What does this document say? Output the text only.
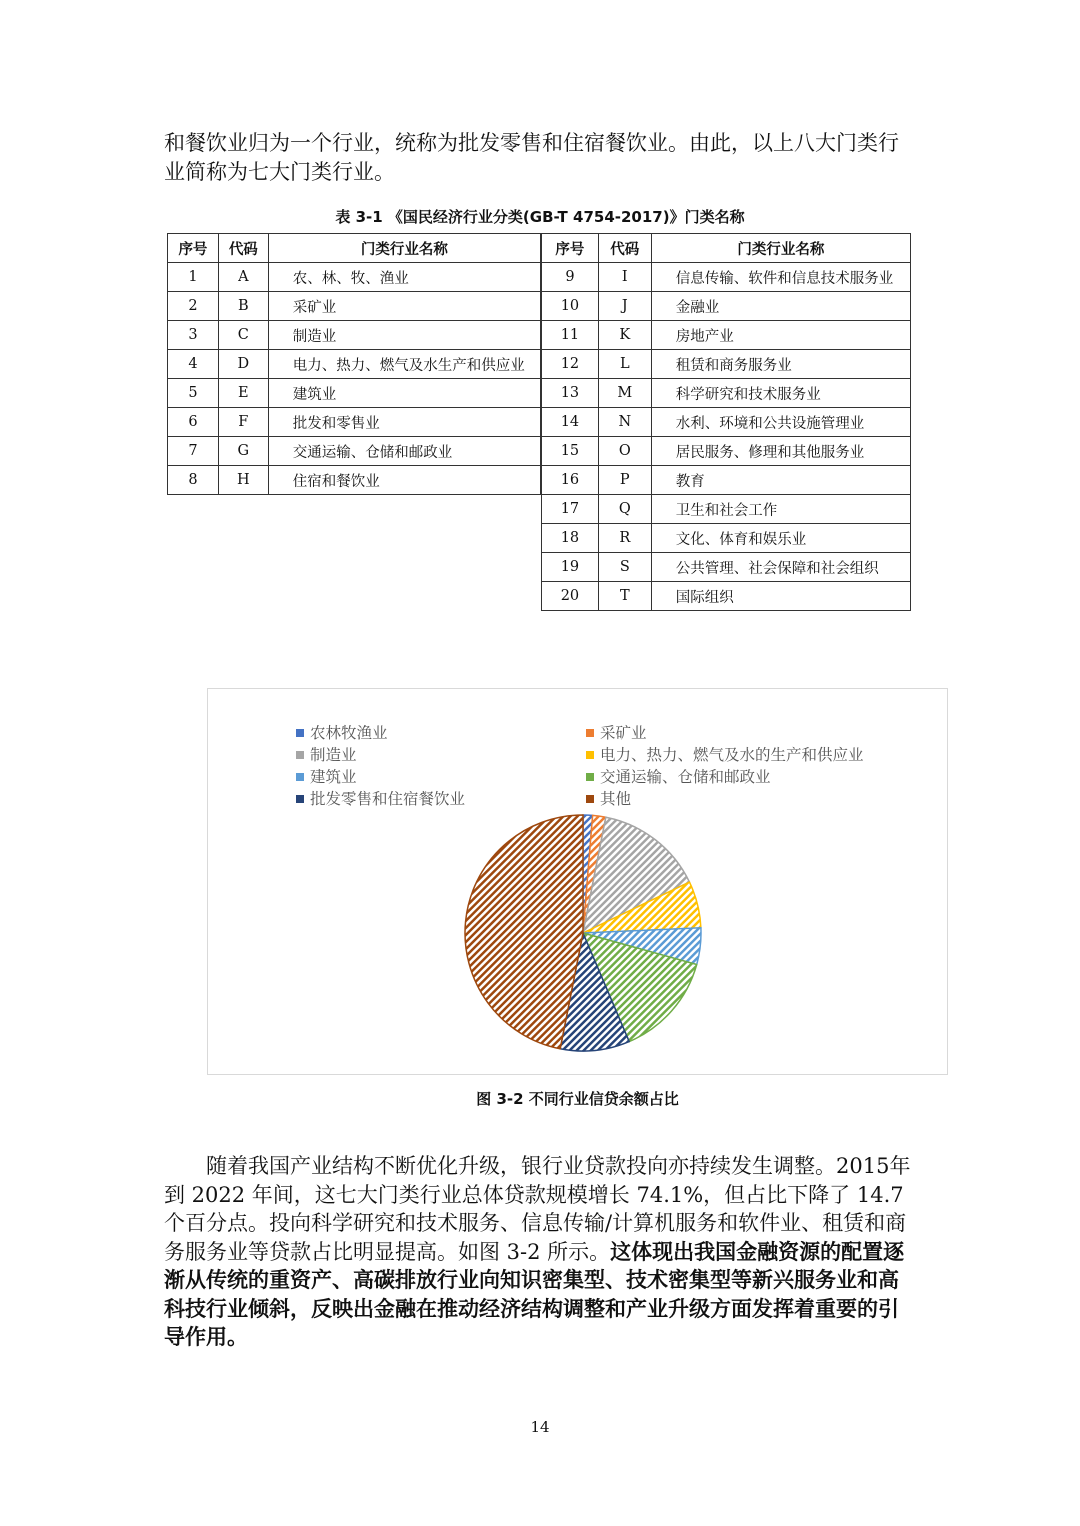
和餐饮业归为一个行业，统称为批发零售和住宿餐饮业。由此，以上八大门类行
业简称为七大门类行业。

表 3-1 《国民经济行业分类(GB-T 4754-2017)》门类名称

序号	代码	门类行业名称
1	A	农、林、牧、渔业
2	B	采矿业
3	C	制造业
4	D	电力、热力、燃气及水生产和供应业
5	E	建筑业
6	F	批发和零售业
7	G	交通运输、仓储和邮政业
8	H	住宿和餐饮业
序号	代码	门类行业名称
9	I	信息传输、软件和信息技术服务业
10	J	金融业
11	K	房地产业
12	L	租赁和商务服务业
13	M	科学研究和技术服务业
14	N	水利、环境和公共设施管理业
15	O	居民服务、修理和其他服务业
16	P	教育
17	Q	卫生和社会工作
18	R	文化、体育和娱乐业
19	S	公共管理、社会保障和社会组织
20	T	国际组织
农林牧渔业	采矿业
制造业	电力、热力、燃气及水的生产和供应业
建筑业	交通运输、仓储和邮政业
批发零售和住宿餐饮业	其他

图 3-2 不同行业信贷余额占比

随着我国产业结构不断优化升级，银行业贷款投向亦持续发生调整。2015年到 2022 年间，这七大门类行业总体贷款规模增长 74.1%，但占比下降了 14.7 个百分点。投向科学研究和技术服务、信息传输/计算机服务和软件业、租赁和商务服务业等贷款占比明显提高。如图 3-2 所示。这体现出我国金融资源的配置逐渐从传统的重资产、高碳排放行业向知识密集型、技术密集型等新兴服务业和高科技行业倾斜，反映出金融在推动经济结构调整和产业升级方面发挥着重要的引导作用。

14
